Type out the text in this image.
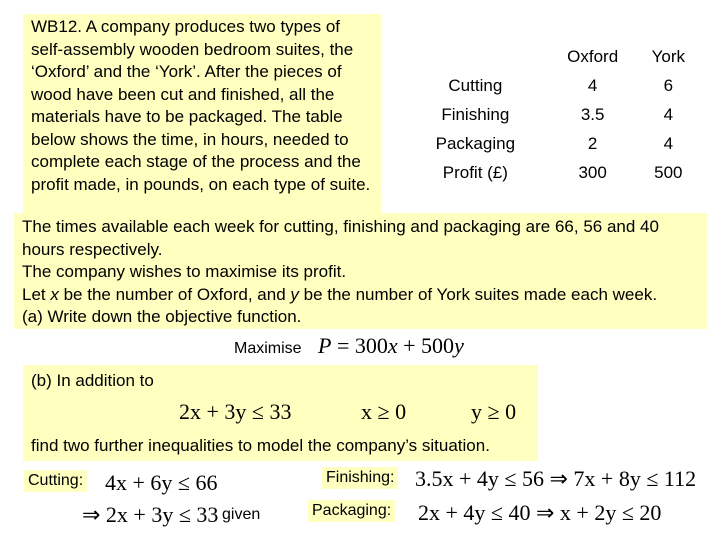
WB12. A company produces two types of self-assembly wooden bedroom suites, the ‘Oxford’ and the ‘York’. After the pieces of wood have been cut and finished, all the materials have to be packaged. The table below shows the time, in hours, needed to complete each stage of the process and the profit made, in pounds, on each type of suite.
	Oxford	York
Cutting	4	6
Finishing	3.5	4
Packaging	2	4
Profit (£)	300	500
The times available each week for cutting, finishing and packaging are 66, 56 and 40 hours respectively.
The company wishes to maximise its profit.
Let x be the number of Oxford, and y be the number of York suites made each week.
(a) Write down the objective function.
Maximise P = 300x + 500y
(b) In addition to
2x + 3y ≤ 33	x ≥ 0	y ≥ 0
find two further inequalities to model the company’s situation.
Cutting: 4x + 6y ≤ 66
⇒ 2x + 3y ≤ 33 given
Finishing: 3.5x + 4y ≤ 56 ⇒ 7x + 8y ≤ 112
Packaging: 2x + 4y ≤ 40 ⇒ x + 2y ≤ 20
